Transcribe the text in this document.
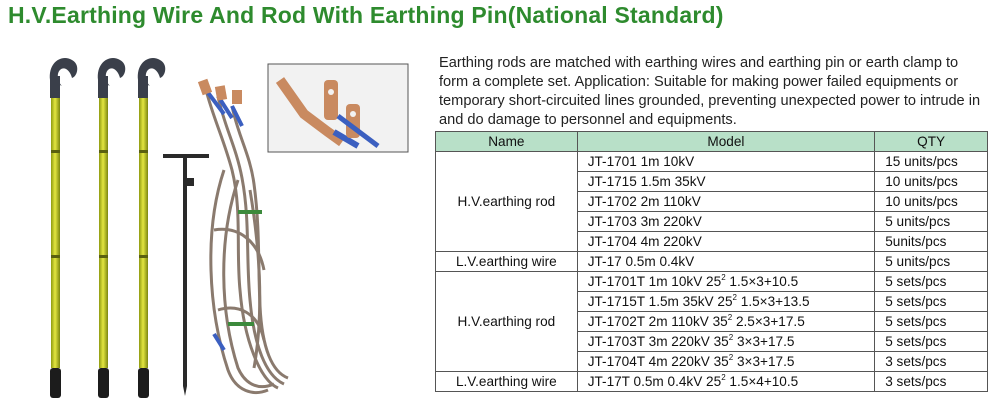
H.V.Earthing Wire And Rod With Earthing Pin(National Standard)
Earthing rods are matched with earthing wires and earthing pin or earth clamp to form a complete set. Application: Suitable for making power failed equipments or temporary short-circuited lines grounded, preventing unexpected power to intrude in and do damage to personnel and equipments.
Name	Model	QTY
H.V.earthing rod	JT-1701 1m 10kV	15 units/pcs
	JT-1715 1.5m 35kV	10 units/pcs
	JT-1702 2m 110kV	10 units/pcs
	JT-1703 3m 220kV	5 units/pcs
	JT-1704 4m 220kV	5units/pcs
L.V.earthing wire	JT-17 0.5m 0.4kV	5 units/pcs
H.V.earthing rod	JT-1701T 1m 10kV $25^2$ 1.5×3+10.5	5 sets/pcs
	JT-1715T 1.5m 35kV $25^2$ 1.5×3+13.5	5 sets/pcs
	JT-1702T 2m 110kV $35^2$ 2.5×3+17.5	5 sets/pcs
	JT-1703T 3m 220kV $35^2$ 3×3+17.5	5 sets/pcs
	JT-1704T 4m 220kV $35^2$ 3×3+17.5	3 sets/pcs
L.V.earthing wire	JT-17T 0.5m 0.4kV $25^2$ 1.5×4+10.5	3 sets/pcs
